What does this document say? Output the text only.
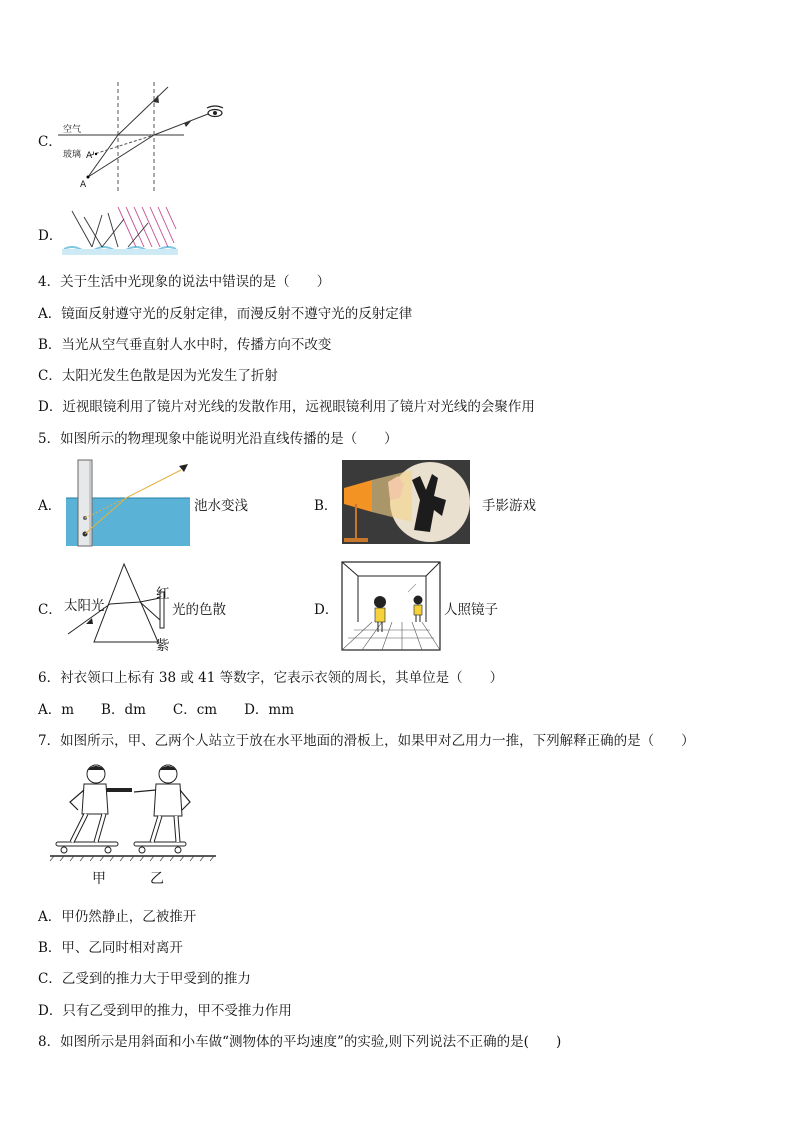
C．
空气
玻璃 A'
A
D．
4．关于生活中光现象的说法中错误的是（　　）
A．镜面反射遵守光的反射定律，而漫反射不遵守光的反射定律
B．当光从空气垂直射人水中时，传播方向不改变
C．太阳光发生色散是因为光发生了折射
D．近视眼镜利用了镜片对光线的发散作用，远视眼镜利用了镜片对光线的会聚作用
5．如图所示的物理现象中能说明光沿直线传播的是（　　）
A．	池水变浅	B．	手影游戏
C． 太阳光
红
紫
光的色散	D．	人照镜子
6．衬衣领口上标有 38 或 41 等数字，它表示衣领的周长，其单位是（　　）
A．m　　B．dm　　C．cm　　D．mm
7．如图所示，甲、乙两个人站立于放在水平地面的滑板上，如果甲对乙用力一推，下列解释正确的是（　　）
甲	乙
A．甲仍然静止，乙被推开
B．甲、乙同时相对离开
C．乙受到的推力大于甲受到的推力
D．只有乙受到甲的推力，甲不受推力作用
8．如图所示是用斜面和小车做“测物体的平均速度”的实验,则下列说法不正确的是(　　)
